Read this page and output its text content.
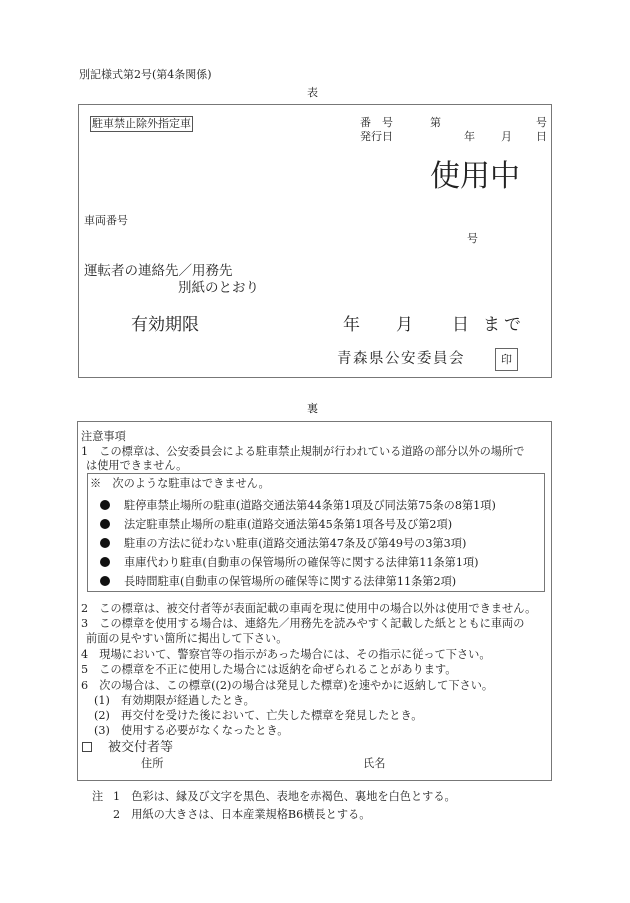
別記様式第2号(第4条関係)
表
駐車禁止除外指定車	番　号	第	号
発行日	年 月 日
使用中
車両番号
号
運転者の連絡先／用務先
別紙のとおり
有効期限	年 月 日 まで
青森県公安委員会	印
裏
注意事項
1　この標章は、公安委員会による駐車禁止規制が行われている道路の部分以外の場所で
は使用できません。
※　次のような駐車はできません。
駐停車禁止場所の駐車(道路交通法第44条第1項及び同法第75条の8第1項)
法定駐車禁止場所の駐車(道路交通法第45条第1項各号及び第2項)
駐車の方法に従わない駐車(道路交通法第47条及び第49号の3第3項)
車庫代わり駐車(自動車の保管場所の確保等に関する法律第11条第1項)
長時間駐車(自動車の保管場所の確保等に関する法律第11条第2項)
2　この標章は、被交付者等が表面記載の車両を現に使用中の場合以外は使用できません。
3　この標章を使用する場合は、連絡先／用務先を読みやすく記載した紙とともに車両の
前面の見やすい箇所に掲出して下さい。
4　現場において、警察官等の指示があった場合には、その指示に従って下さい。
5　この標章を不正に使用した場合には返納を命ぜられることがあります。
6　次の場合は、この標章((2)の場合は発見した標章)を速やかに返納して下さい。
(1)　有効期限が経過したとき。
(2)　再交付を受けた後において、亡失した標章を発見したとき。
(3)　使用する必要がなくなったとき。
被交付者等
住所	氏名
注 1　色彩は、縁及び文字を黒色、表地を赤褐色、裏地を白色とする。
2　用紙の大きさは、日本産業規格B6横長とする。
